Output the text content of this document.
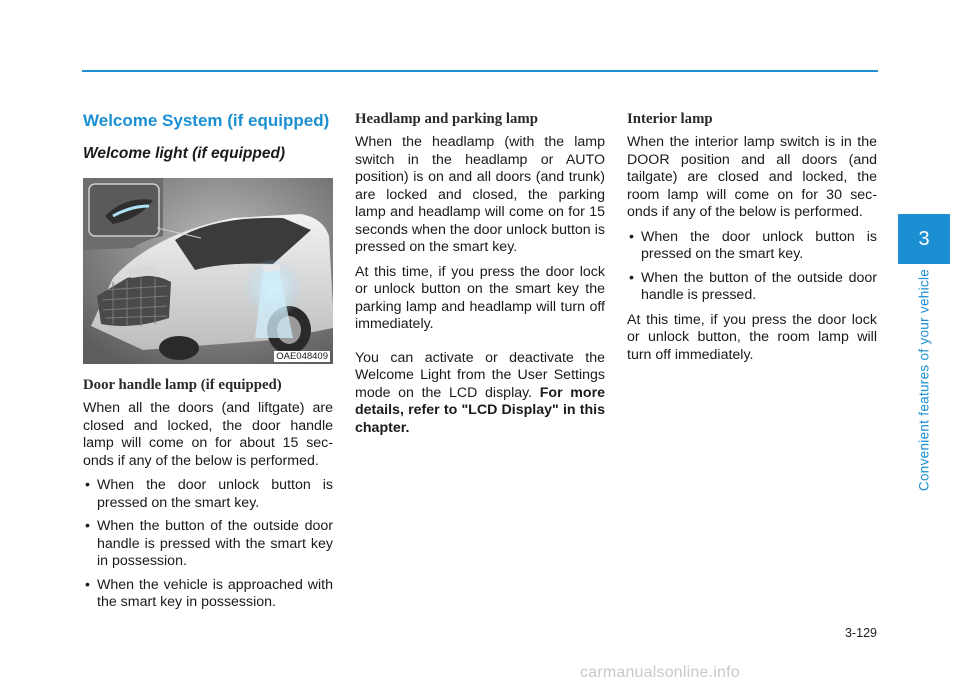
Welcome System (if equipped)
Welcome light (if equipped)
OAE048409
Door handle lamp (if equipped)

When all the doors (and liftgate) are closed and locked, the door handle lamp will come on for about 15 sec- onds if any of the below is performed.

• When the door unlock button is pressed on the smart key.
• When the button of the outside door handle is pressed with the smart key in possession.
• When the vehicle is approached with the smart key in possession.
Headlamp and parking lamp

When the headlamp (with the lamp switch in the headlamp or AUTO position) is on and all doors (and trunk) are locked and closed, the parking lamp and headlamp will come on for 15 seconds when the door unlock button is pressed on the smart key.

At this time, if you press the door lock or unlock button on the smart key the parking lamp and headlamp will turn off immediately.

You can activate or deactivate the Welcome Light from the User Settings mode on the LCD display. For more details, refer to "LCD Display" in this chapter.

Interior lamp

When the interior lamp switch is in the DOOR position and all doors (and tailgate) are closed and locked, the room lamp will come on for 30 sec- onds if any of the below is performed.

• When the door unlock button is pressed on the smart key.
• When the button of the outside door handle is pressed.

At this time, if you press the door lock or unlock button, the room lamp will turn off immediately.

3
Convenient features of your vehicle
3-129
carmanualsonline.info
